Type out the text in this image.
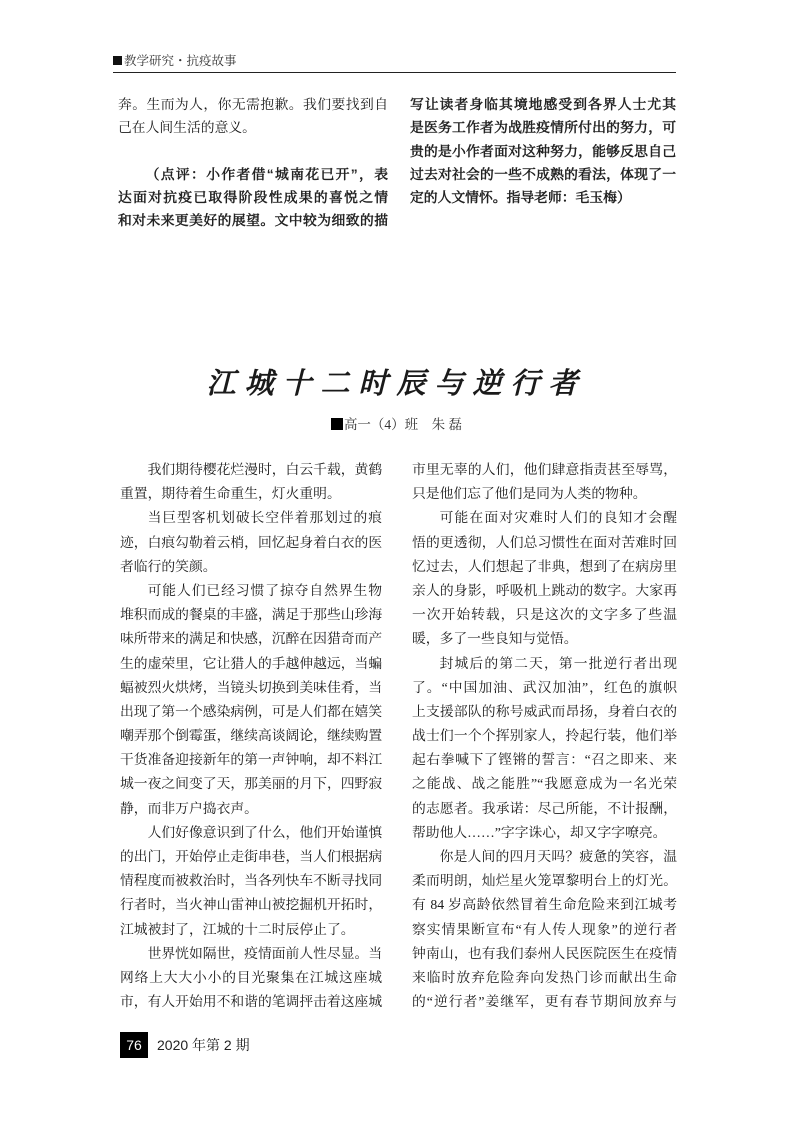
教学研究・抗疫故事
奔。生而为人，你无需抱歉。我们要找到自
己在人间生活的意义。
（点评：小作者借“城南花已开”，表
达面对抗疫已取得阶段性成果的喜悦之情
和对未来更美好的展望。文中较为细致的描
写让读者身临其境地感受到各界人士尤其
是医务工作者为战胜疫情所付出的努力，可
贵的是小作者面对这种努力，能够反思自己
过去对社会的一些不成熟的看法，体现了一
定的人文情怀。指导老师：毛玉梅）
江城十二时辰与逆行者
高一（4）班　朱 磊
我们期待樱花烂漫时，白云千载，黄鹤
重置，期待着生命重生，灯火重明。
当巨型客机划破长空伴着那划过的痕
迹，白痕勾勒着云梢，回忆起身着白衣的医
者临行的笑颜。
可能人们已经习惯了掠夺自然界生物
堆积而成的餐桌的丰盛，满足于那些山珍海
味所带来的满足和快感，沉醉在因猎奇而产
生的虚荣里，它让猎人的手越伸越远，当蝙
蝠被烈火烘烤，当镜头切换到美味佳肴，当
出现了第一个感染病例，可是人们都在嬉笑
嘲弄那个倒霉蛋，继续高谈阔论，继续购置
干货准备迎接新年的第一声钟响，却不料江
城一夜之间变了天，那美丽的月下，四野寂
静，而非万户捣衣声。
人们好像意识到了什么，他们开始谨慎
的出门，开始停止走街串巷，当人们根据病
情程度而被救治时，当各列快车不断寻找同
行者时，当火神山雷神山被挖掘机开拓时，
江城被封了，江城的十二时辰停止了。
世界恍如隔世，疫情面前人性尽显。当
网络上大大小小的目光聚集在江城这座城
市，有人开始用不和谐的笔调抨击着这座城
市里无辜的人们，他们肆意指责甚至辱骂，
只是他们忘了他们是同为人类的物种。
可能在面对灾难时人们的良知才会醒
悟的更透彻，人们总习惯性在面对苦难时回
忆过去，人们想起了非典，想到了在病房里
亲人的身影，呼吸机上跳动的数字。大家再
一次开始转载，只是这次的文字多了些温
暖，多了一些良知与觉悟。
封城后的第二天，第一批逆行者出现
了。“中国加油、武汉加油”，红色的旗帜
上支援部队的称号威武而昂扬，身着白衣的
战士们一个个挥别家人，拎起行装，他们举
起右拳喊下了铿锵的誓言：“召之即来、来
之能战、战之能胜”“我愿意成为一名光荣
的志愿者。我承诺：尽己所能，不计报酬，
帮助他人……”字字诛心，却又字字嘹亮。
你是人间的四月天吗？疲惫的笑容，温
柔而明朗，灿烂星火笼罩黎明台上的灯光。
有 84 岁高龄依然冒着生命危险来到江城考
察实情果断宣布“有人传人现象”的逆行者
钟南山，也有我们泰州人民医院医生在疫情
来临时放弃危险奔向发热门诊而献出生命
的“逆行者”姜继军，更有春节期间放弃与
76	2020 年第 2 期
